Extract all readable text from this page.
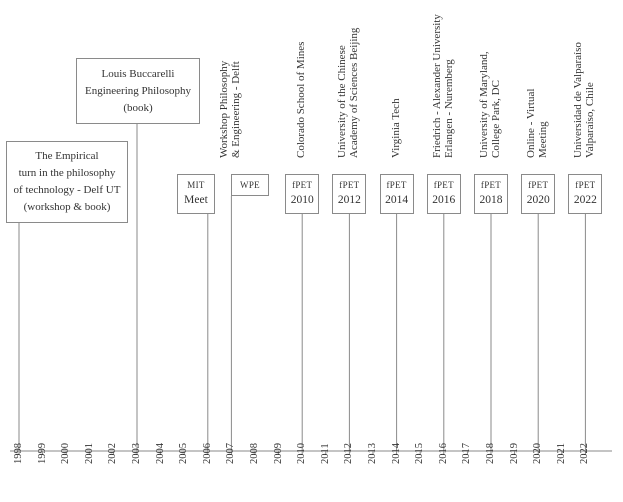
1998 1999 2000 2001 2002 2003 2004 2005 2006 2007 2008 2009 2010 2011 2012 2013 2014 2015 2016 2017 2018 2019 2020 2021 2022
The Empirical
turn in the philosophy
of technology - Delf UT
(workshop & book)
Louis Buccarelli
Engineering Philosophy
(book)
MIT
Meet
WPE
Workshop Philosophy & Engineering - Delft
fPET
2010
Colorado School of Mines
fPET
2012
University of the Chinese Academy of Sciences Beijing
fPET
2014
Virginia Tech
fPET
2016
Friedrich - Alexander University Erlangen - Nuremberg
fPET
2018
University of Maryland, College Park, DC
fPET
2020
Online - Virtual Meeting
fPET
2022
Universidad de Valparaíso Valparaíso, Chile
